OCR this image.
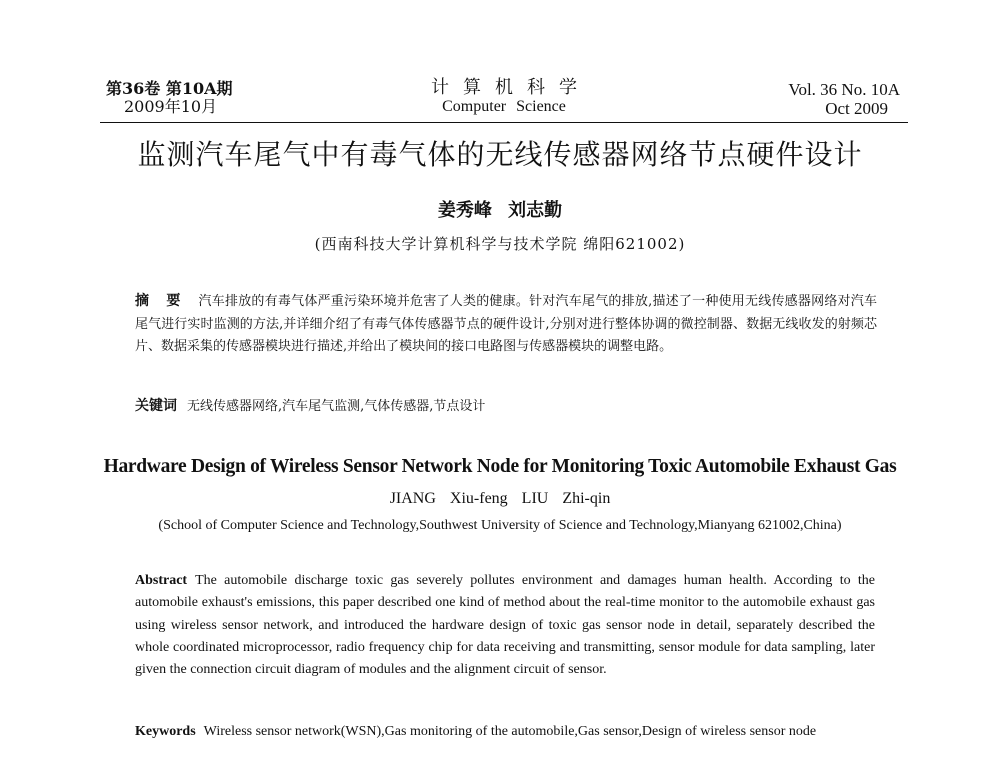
第36卷 第10A期
2009年10月
计算机科学
Computer Science
Vol. 36 No. 10A

Oct 2009
监测汽车尾气中有毒气体的无线传感器网络节点硬件设计
姜秀峰 刘志勤
(西南科技大学计算机科学与技术学院 绵阳621002)
摘 要 汽车排放的有毒气体严重污染环境并危害了人类的健康。针对汽车尾气的排放,描述了一种使用无线传感器网络对汽车尾气进行实时监测的方法,并详细介绍了有毒气体传感器节点的硬件设计,分别对进行整体协调的微控制器、数据无线收发的射频芯片、数据采集的传感器模块进行描述,并给出了模块间的接口电路图与传感器模块的调整电路。
关键词 无线传感器网络,汽车尾气监测,气体传感器,节点设计
Hardware Design of Wireless Sensor Network Node for Monitoring Toxic Automobile Exhaust Gas
JIANG Xiu-feng LIU Zhi-qin
(School of Computer Science and Technology,Southwest University of Science and Technology,Mianyang 621002,China)
Abstract The automobile discharge toxic gas severely pollutes environment and damages human health. According to the automobile exhaust's emissions, this paper described one kind of method about the real-time monitor to the automobile exhaust gas using wireless sensor network, and introduced the hardware design of toxic gas sensor node in detail, separately described the whole coordinated microprocessor, radio frequency chip for data receiving and transmitting, sensor module for data sampling, later given the connection circuit diagram of modules and the alignment circuit of sensor.
Keywords Wireless sensor network(WSN),Gas monitoring of the automobile,Gas sensor,Design of wireless sensor node
